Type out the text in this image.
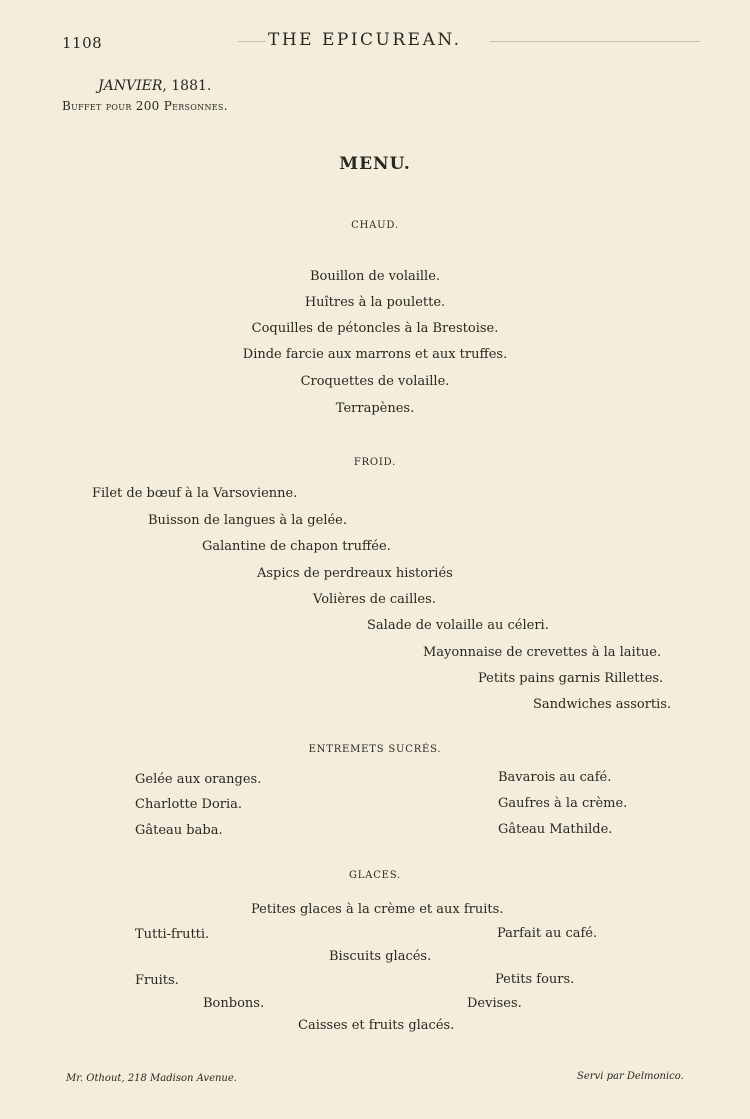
1108	THE EPICUREAN.
JANVIER, 1881.
Buffet pour 200 Personnes.
MENU.
CHAUD.
Bouillon de volaille.
Huîtres à la poulette.
Coquilles de pétoncles à la Brestoise.
Dinde farcie aux marrons et aux truffes.
Croquettes de volaille.
Terrapènes.
FROID.
Filet de bœuf à la Varsovienne.
Buisson de langues à la gelée.
Galantine de chapon truffée.
Aspics de perdreaux historiés
Volières de cailles.
Salade de volaille au céleri.
Mayonnaise de crevettes à la laitue.
Petits pains garnis Rillettes.
Sandwiches assortis.
ENTREMETS SUCRÉS.
Gelée aux oranges.
Charlotte Doria.
Gâteau baba.
Bavarois au café.
Gaufres à la crème.
Gâteau Mathilde.
GLACES.
Petites glaces à la crème et aux fruits.
Tutti-frutti.	Parfait au café.
Biscuits glacés.
Fruits.	Petits fours.
Bonbons.	Devises.
Caisses et fruits glacés.
Mr. Othout, 218 Madison Avenue.	Servi par Delmonico.
